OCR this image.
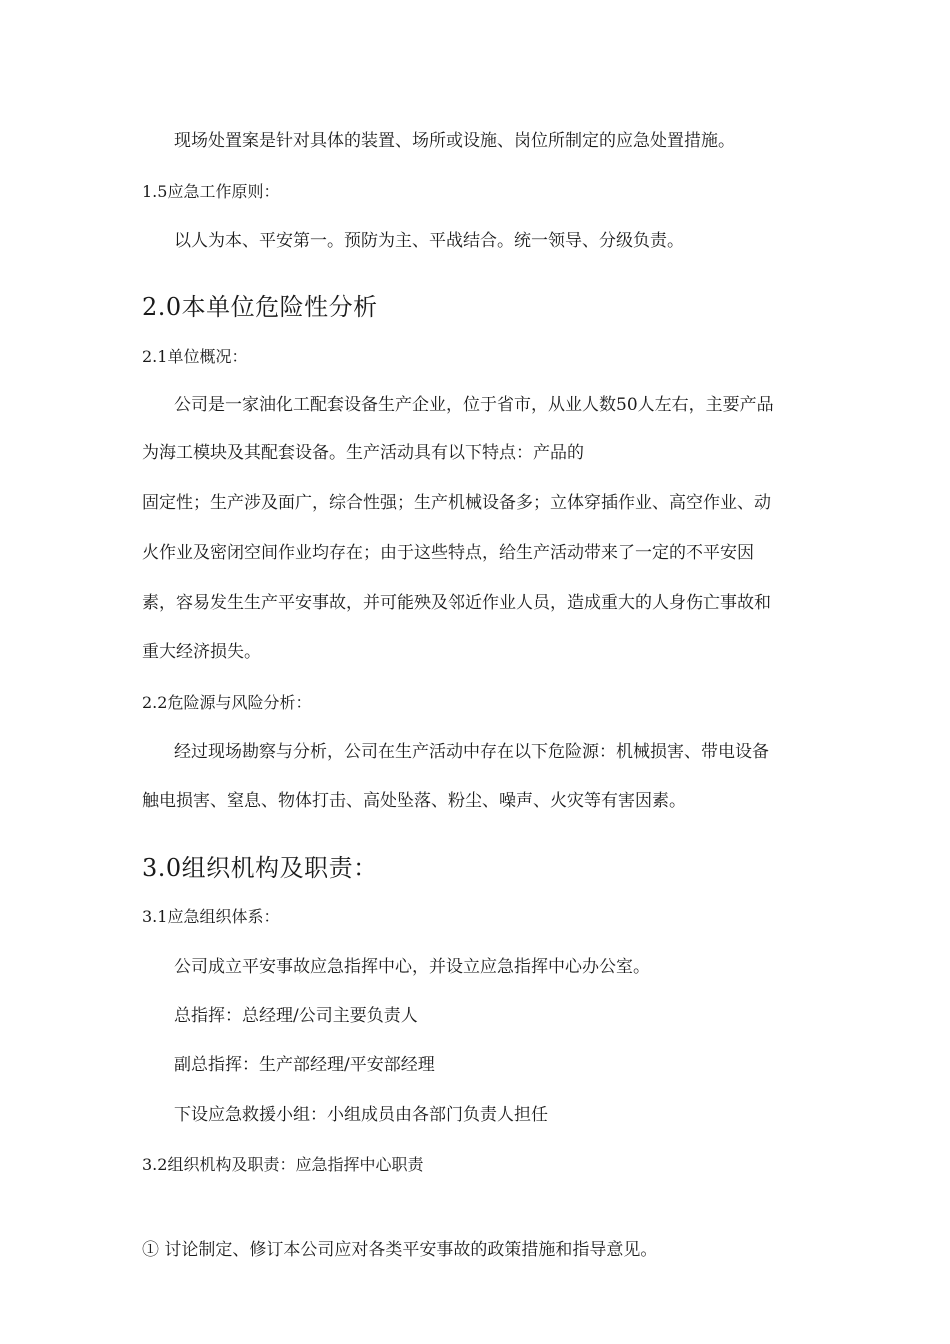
现场处置案是针对具体的装置、场所或设施、岗位所制定的应急处置措施。
1.5应急工作原则：
以人为本、平安第一。预防为主、平战结合。统一领导、分级负责。
2.0本单位危险性分析
2.1单位概况：
公司是一家油化工配套设备生产企业，位于省市，从业人数50人左右，主要产品
为海工模块及其配套设备。生产活动具有以下特点：产品的
固定性；生产涉及面广，综合性强；生产机械设备多；立体穿插作业、高空作业、动
火作业及密闭空间作业均存在；由于这些特点，给生产活动带来了一定的不平安因
素，容易发生生产平安事故，并可能殃及邻近作业人员，造成重大的人身伤亡事故和
重大经济损失。
2.2危险源与风险分析：
经过现场勘察与分析，公司在生产活动中存在以下危险源：机械损害、带电设备
触电损害、窒息、物体打击、高处坠落、粉尘、噪声、火灾等有害因素。
3.0组织机构及职责：
3.1应急组织体系：
公司成立平安事故应急指挥中心，并设立应急指挥中心办公室。
总指挥：总经理/公司主要负责人
副总指挥：生产部经理/平安部经理
下设应急救援小组：小组成员由各部门负责人担任
3.2组织机构及职责：应急指挥中心职责
① 讨论制定、修订本公司应对各类平安事故的政策措施和指导意见。
